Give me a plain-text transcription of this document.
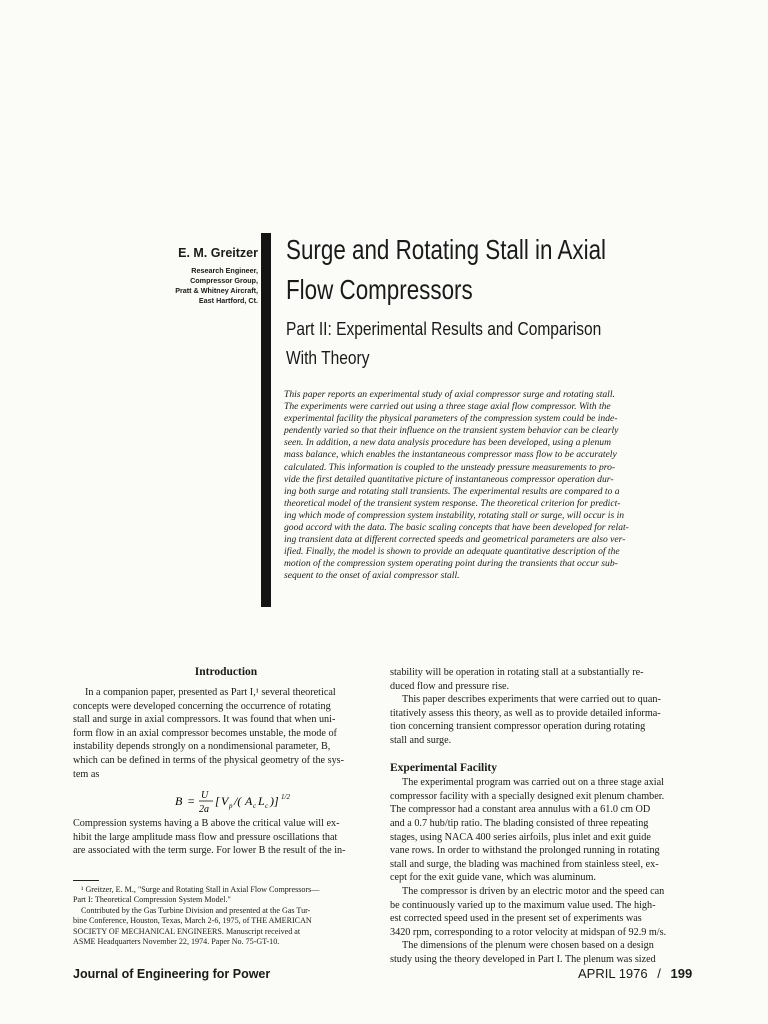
E. M. Greitzer
Research Engineer,
Compressor Group,
Pratt & Whitney Aircraft,
East Hartford, Ct.
Surge and Rotating Stall in Axial
Flow Compressors
Part II: Experimental Results and Comparison
With Theory
This paper reports an experimental study of axial compressor surge and rotating stall.
The experiments were carried out using a three stage axial flow compressor. With the
experimental facility the physical parameters of the compression system could be inde-
pendently varied so that their influence on the transient system behavior can be clearly
seen. In addition, a new data analysis procedure has been developed, using a plenum
mass balance, which enables the instantaneous compressor mass flow to be accurately
calculated. This information is coupled to the unsteady pressure measurements to pro-
vide the first detailed quantitative picture of instantaneous compressor operation dur-
ing both surge and rotating stall transients. The experimental results are compared to a
theoretical model of the transient system response. The theoretical criterion for predict-
ing which mode of compression system instability, rotating stall or surge, will occur is in
good accord with the data. The basic scaling concepts that have been developed for relat-
ing transient data at different corrected speeds and geometrical parameters are also ver-
ified. Finally, the model is shown to provide an adequate quantitative description of the
motion of the compression system operating point during the transients that occur sub-
sequent to the onset of axial compressor stall.
Introduction
In a companion paper, presented as Part I,¹ several theoretical
concepts were developed concerning the occurrence of rotating
stall and surge in axial compressors. It was found that when uni-
form flow in an axial compressor becomes unstable, the mode of
instability depends strongly on a nondimensional parameter, B,
which can be defined in terms of the physical geometry of the sys-
tem as
B = U
2a
[ V p /( A c L c )] 1/2
Compression systems having a B above the critical value will ex-
hibit the large amplitude mass flow and pressure oscillations that
are associated with the term surge. For lower B the result of the in-
¹ Greitzer, E. M., "Surge and Rotating Stall in Axial Flow Compressors—
Part I: Theoretical Compression System Model."
Contributed by the Gas Turbine Division and presented at the Gas Tur-
bine Conference, Houston, Texas, March 2-6, 1975, of THE AMERICAN
SOCIETY OF MECHANICAL ENGINEERS. Manuscript received at
ASME Headquarters November 22, 1974. Paper No. 75-GT-10.
stability will be operation in rotating stall at a substantially re-
duced flow and pressure rise.
This paper describes experiments that were carried out to quan-
titatively assess this theory, as well as to provide detailed informa-
tion concerning transient compressor operation during rotating
stall and surge.
Experimental Facility
The experimental program was carried out on a three stage axial
compressor facility with a specially designed exit plenum chamber.
The compressor had a constant area annulus with a 61.0 cm OD
and a 0.7 hub/tip ratio. The blading consisted of three repeating
stages, using NACA 400 series airfoils, plus inlet and exit guide
vane rows. In order to withstand the prolonged running in rotating
stall and surge, the blading was machined from stainless steel, ex-
cept for the exit guide vane, which was aluminum.
The compressor is driven by an electric motor and the speed can
be continuously varied up to the maximum value used. The high-
est corrected speed used in the present set of experiments was
3420 rpm, corresponding to a rotor velocity at midspan of 92.9 m/s.
The dimensions of the plenum were chosen based on a design
study using the theory developed in Part I. The plenum was sized
Journal of Engineering for Power	APRIL 1976 / 199
